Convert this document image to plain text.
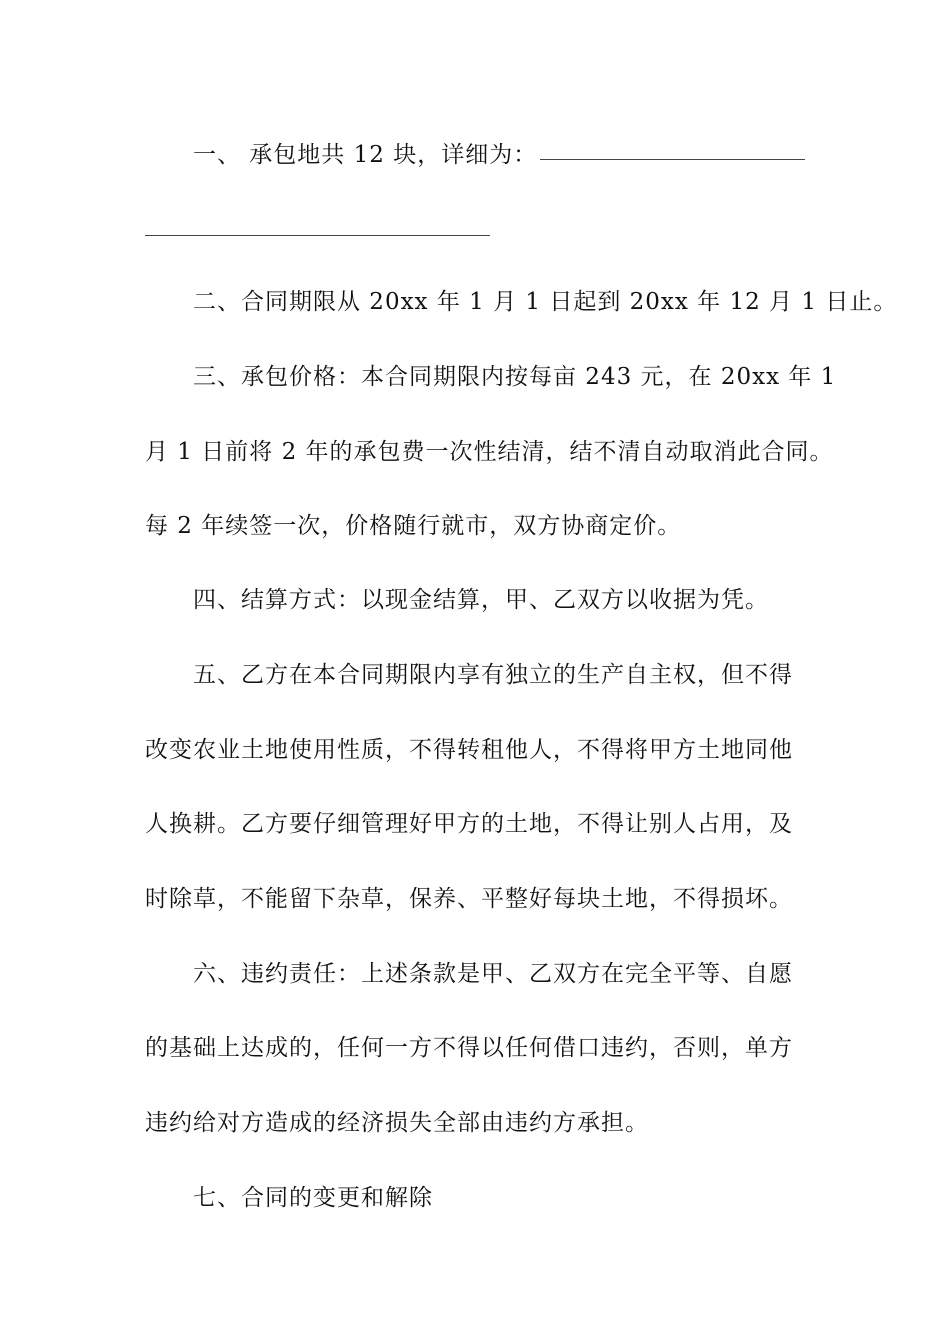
一、 承包地共 12 块，详细为：
二、合同期限从 20xx 年 1 月 1 日起到 20xx 年 12 月 1 日止。
三、承包价格：本合同期限内按每亩 243 元，在 20xx 年 1
月 1 日前将 2 年的承包费一次性结清，结不清自动取消此合同。
每 2 年续签一次，价格随行就市，双方协商定价。
四、结算方式：以现金结算，甲、乙双方以收据为凭。
五、乙方在本合同期限内享有独立的生产自主权，但不得
改变农业土地使用性质，不得转租他人，不得将甲方土地同他
人换耕。乙方要仔细管理好甲方的土地，不得让别人占用，及
时除草，不能留下杂草，保养、平整好每块土地，不得损坏。
六、违约责任：上述条款是甲、乙双方在完全平等、自愿
的基础上达成的，任何一方不得以任何借口违约，否则，单方
违约给对方造成的经济损失全部由违约方承担。
七、合同的变更和解除
